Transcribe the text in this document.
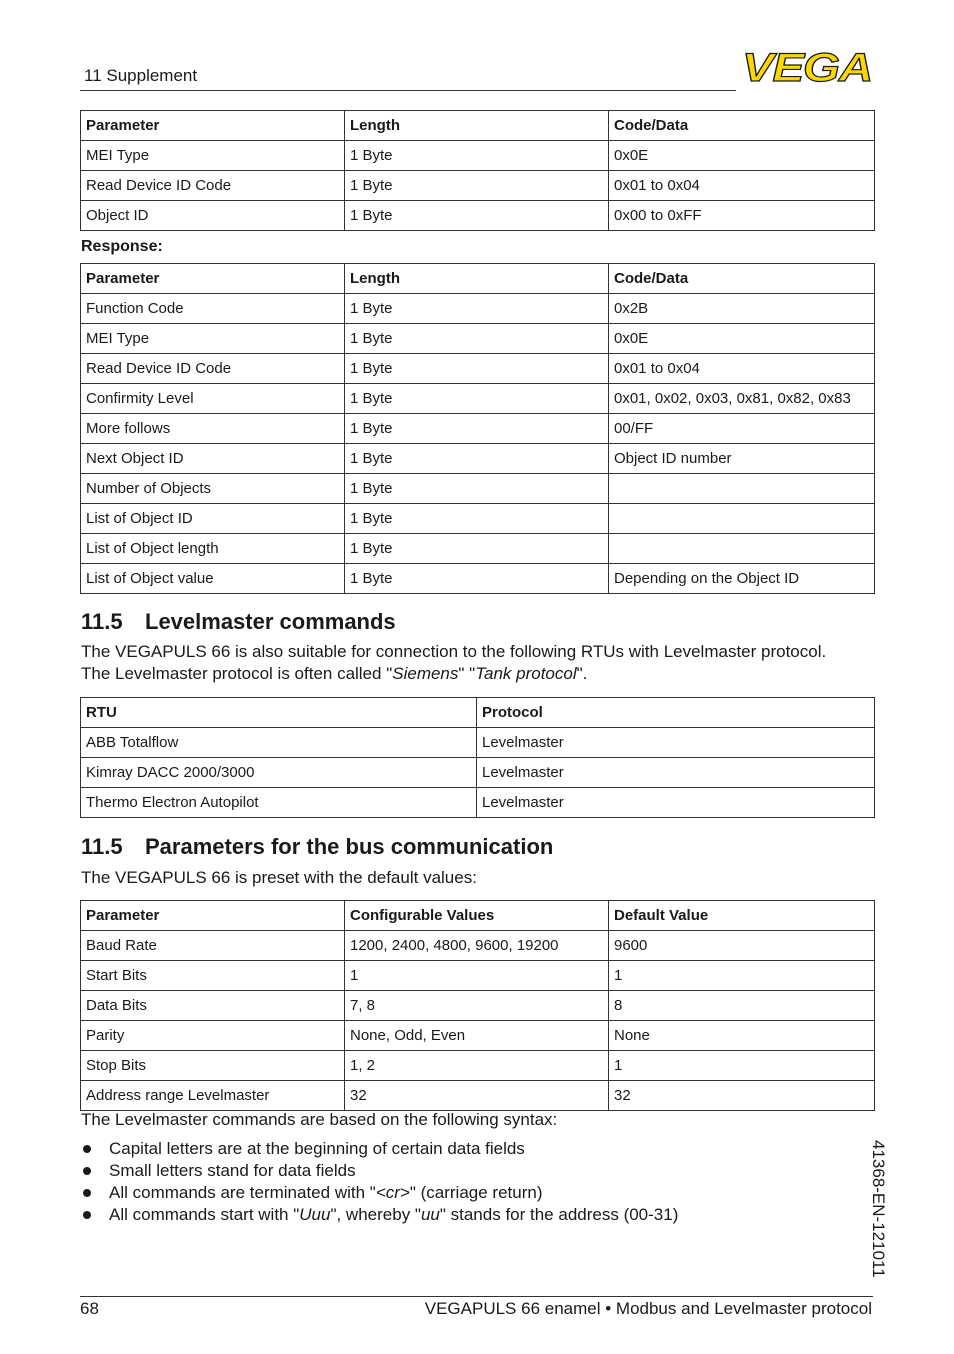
11 Supplement	VEGA
Parameter	Length	Code/Data
MEI Type	1 Byte	0x0E
Read Device ID Code	1 Byte	0x01 to 0x04
Object ID	1 Byte	0x00 to 0xFF
Response:
Parameter	Length	Code/Data
Function Code	1 Byte	0x2B
MEI Type	1 Byte	0x0E
Read Device ID Code	1 Byte	0x01 to 0x04
Confirmity Level	1 Byte	0x01, 0x02, 0x03, 0x81, 0x82, 0x83
More follows	1 Byte	00/FF
Next Object ID	1 Byte	Object ID number
Number of Objects	1 Byte	
List of Object ID	1 Byte	
List of Object length	1 Byte	
List of Object value	1 Byte	Depending on the Object ID
11.5 Levelmaster commands
The VEGAPULS 66 is also suitable for connection to the following RTUs with Levelmaster protocol.
The Levelmaster protocol is often called "Siemens" "Tank protocol".
RTU	Protocol
ABB Totalflow	Levelmaster
Kimray DACC 2000/3000	Levelmaster
Thermo Electron Autopilot	Levelmaster
11.5 Parameters for the bus communication
The VEGAPULS 66 is preset with the default values:
Parameter	Configurable Values	Default Value
Baud Rate	1200, 2400, 4800, 9600, 19200	9600
Start Bits	1	1
Data Bits	7, 8	8
Parity	None, Odd, Even	None
Stop Bits	1, 2	1
Address range Levelmaster	32	32
The Levelmaster commands are based on the following syntax:
Capital letters are at the beginning of certain data fields
Small letters stand for data fields
All commands are terminated with "<cr>" (carriage return)
All commands start with "Uuu", whereby "uu" stands for the address (00-31)	41368-EN-121011
68	VEGAPULS 66 enamel • Modbus and Levelmaster protocol
